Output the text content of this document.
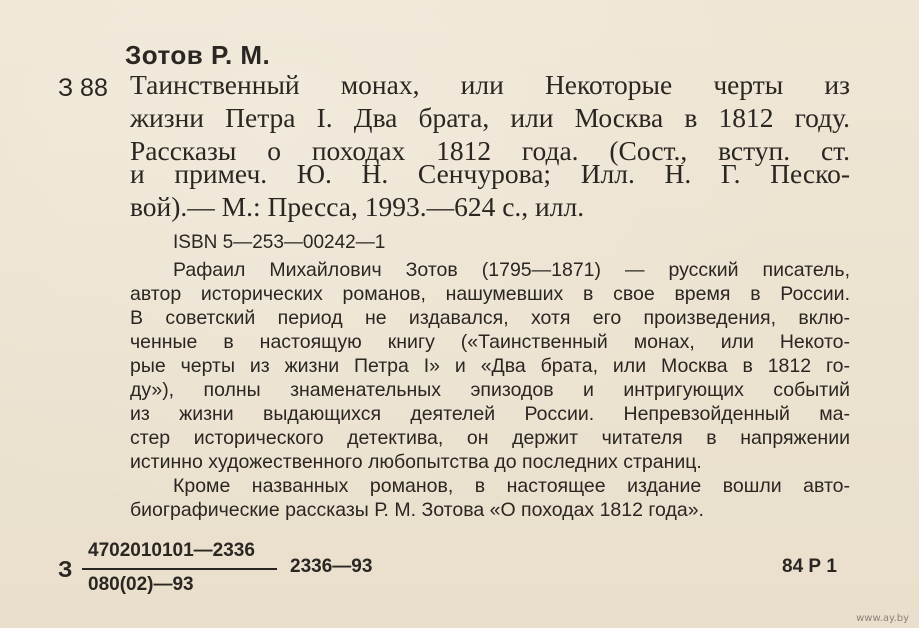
Зотов Р. М.
З 88 Таинственный монах, или Некоторые черты из
жизни Петра I. Два брата, или Москва в 1812 году.
Рассказы о походах 1812 года. (Сост., вступ. ст.
и примеч. Ю. Н. Сенчурова; Илл. Н. Г. Песко-
вой).— М.: Пресса, 1993.—624 с., илл.
ISBN 5—253—00242—1
Рафаил Михайлович Зотов (1795—1871) — русский писатель,
автор исторических романов, нашумевших в свое время в России.
В советский период не издавался, хотя его произведения, вклю-
ченные в настоящую книгу («Таинственный монах, или Некото-
рые черты из жизни Петра I» и «Два брата, или Москва в 1812 го-
ду»), полны знаменательных эпизодов и интригующих событий
из жизни выдающихся деятелей России. Непревзойденный ма-
стер исторического детектива, он держит читателя в напряжении
истинно художественного любопытства до последних страниц.
Кроме названных романов, в настоящее издание вошли авто-
биографические рассказы Р. М. Зотова «О походах 1812 года».
З
4702010101—2336
080(02)—93
2336—93	84 Р 1
www.ay.by
